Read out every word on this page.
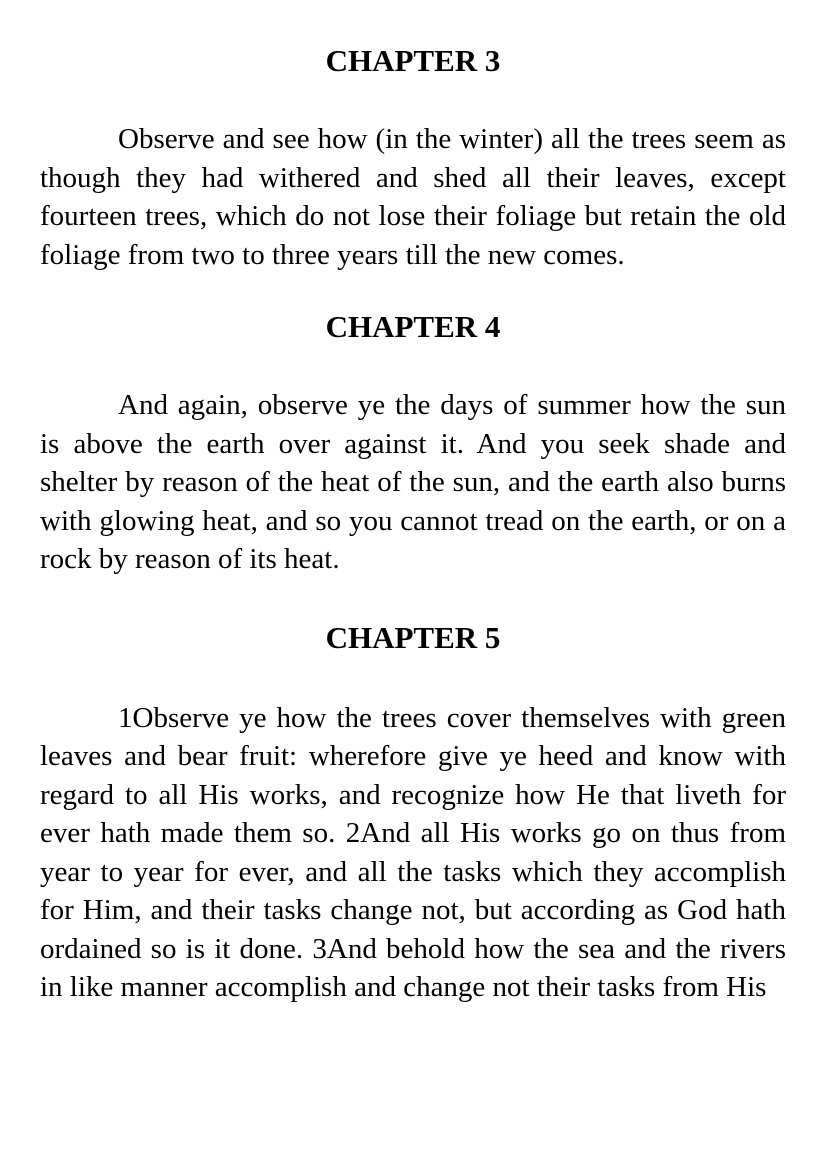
CHAPTER 3

Observe and see how (in the winter) all the trees seem as though they had withered and shed all their leaves, except fourteen trees, which do not lose their foliage but retain the old foliage from two to three years till the new comes.

CHAPTER 4

And again, observe ye the days of summer how the sun is above the earth over against it. And you seek shade and shelter by reason of the heat of the sun, and the earth also burns with glowing heat, and so you cannot tread on the earth, or on a rock by reason of its heat.

CHAPTER 5

1Observe ye how the trees cover themselves with green leaves and bear fruit: wherefore give ye heed and know with regard to all His works, and recognize how He that liveth for ever hath made them so. 2And all His works go on thus from year to year for ever, and all the tasks which they accomplish for Him, and their tasks change not, but according as God hath ordained so is it done. 3And behold how the sea and the rivers in like manner accomplish and change not their tasks from His
